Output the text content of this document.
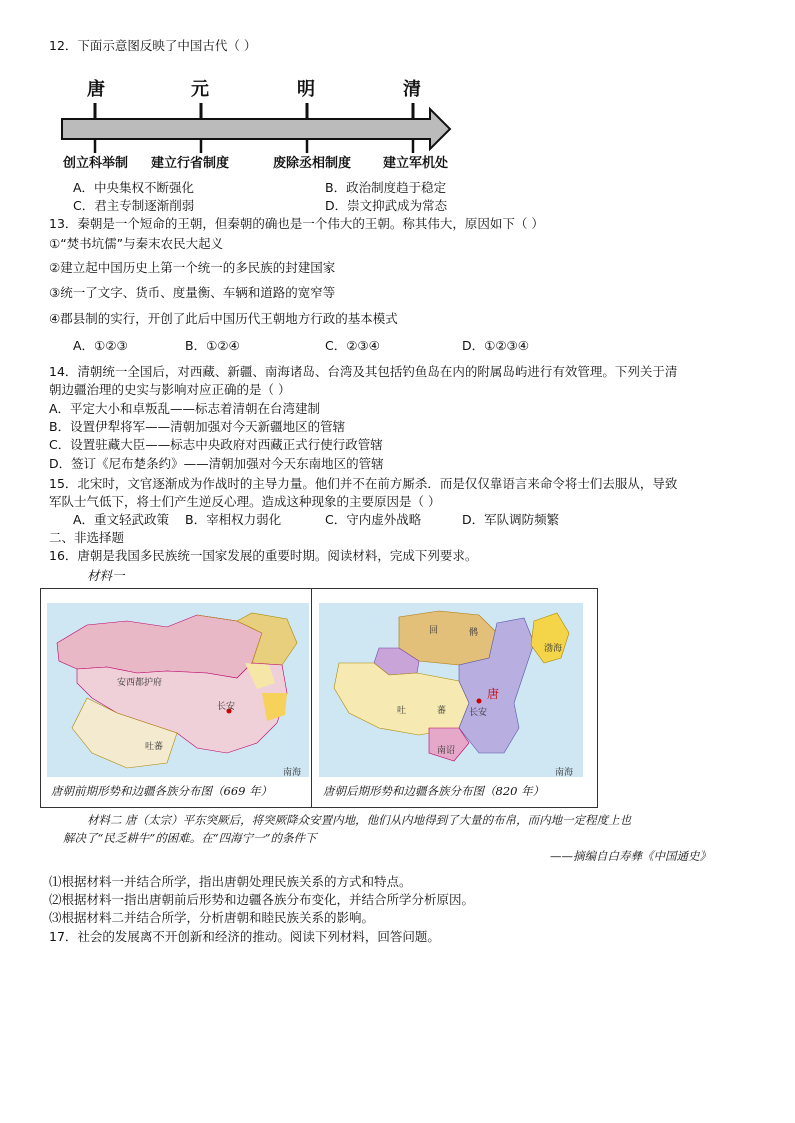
12．下面示意图反映了中国古代（ ）
唐	元	明	清
创立科举制 建立行省制度	废除丞相制度 建立军机处
A．中央集权不断强化	B．政治制度趋于稳定
C．君主专制逐渐削弱	D．崇文抑武成为常态
13．秦朝是一个短命的王朝，但秦朝的确也是一个伟大的王朝。称其伟大，原因如下（ ）
①“焚书坑儒”与秦末农民大起义
②建立起中国历史上第一个统一的多民族的封建国家
③统一了文字、货币、度量衡、车辆和道路的宽窄等
④郡县制的实行，开创了此后中国历代王朝地方行政的基本模式
A．①②③	B．①②④	C．②③④	D．①②③④
14．清朝统一全国后，对西藏、新疆、南海诸岛、台湾及其包括钓鱼岛在内的附属岛屿进行有效管理。下列关于清
朝边疆治理的史实与影响对应正确的是（ ）
A．平定大小和卓叛乱——标志着清朝在台湾建制
B．设置伊犁将军——清朝加强对今天新疆地区的管辖
C．设置驻藏大臣——标志中央政府对西藏正式行使行政管辖
D．签订《尼布楚条约》——清朝加强对今天东南地区的管辖
15．北宋时，文官逐渐成为作战时的主导力量。他们并不在前方厮杀．而是仅仅靠语言来命令将士们去服从，导致
军队士气低下，将士们产生逆反心理。造成这种现象的主要原因是（ ）
A．重文轻武政策 B．宰相权力弱化	C．守内虚外战略	D．军队调防频繁
二、非选择题
16．唐朝是我国多民族统一国家发展的重要时期。阅读材料，完成下列要求。
材料一
长安
吐蕃
安西都护府
南海
回	鹘
吐	蕃
唐
长安
南诏
渤海
南海
唐朝前期形势和边疆各族分布图（669 年）	唐朝后期形势和边疆各族分布图（820 年）
材料二 唐（太宗）平东突厥后，将突厥降众安置内地，他们从内地得到了大量的布帛，而内地一定程度上也
解决了“民乏耕牛”的困难。在“四海宁一”的条件下
——摘编自白寿彝《中国通史》
⑴根据材料一并结合所学，指出唐朝处理民族关系的方式和特点。
⑵根据材料一指出唐朝前后形势和边疆各族分布变化，并结合所学分析原因。
⑶根据材料二并结合所学，分析唐朝和睦民族关系的影响。
17．社会的发展离不开创新和经济的推动。阅读下列材料，回答问题。
